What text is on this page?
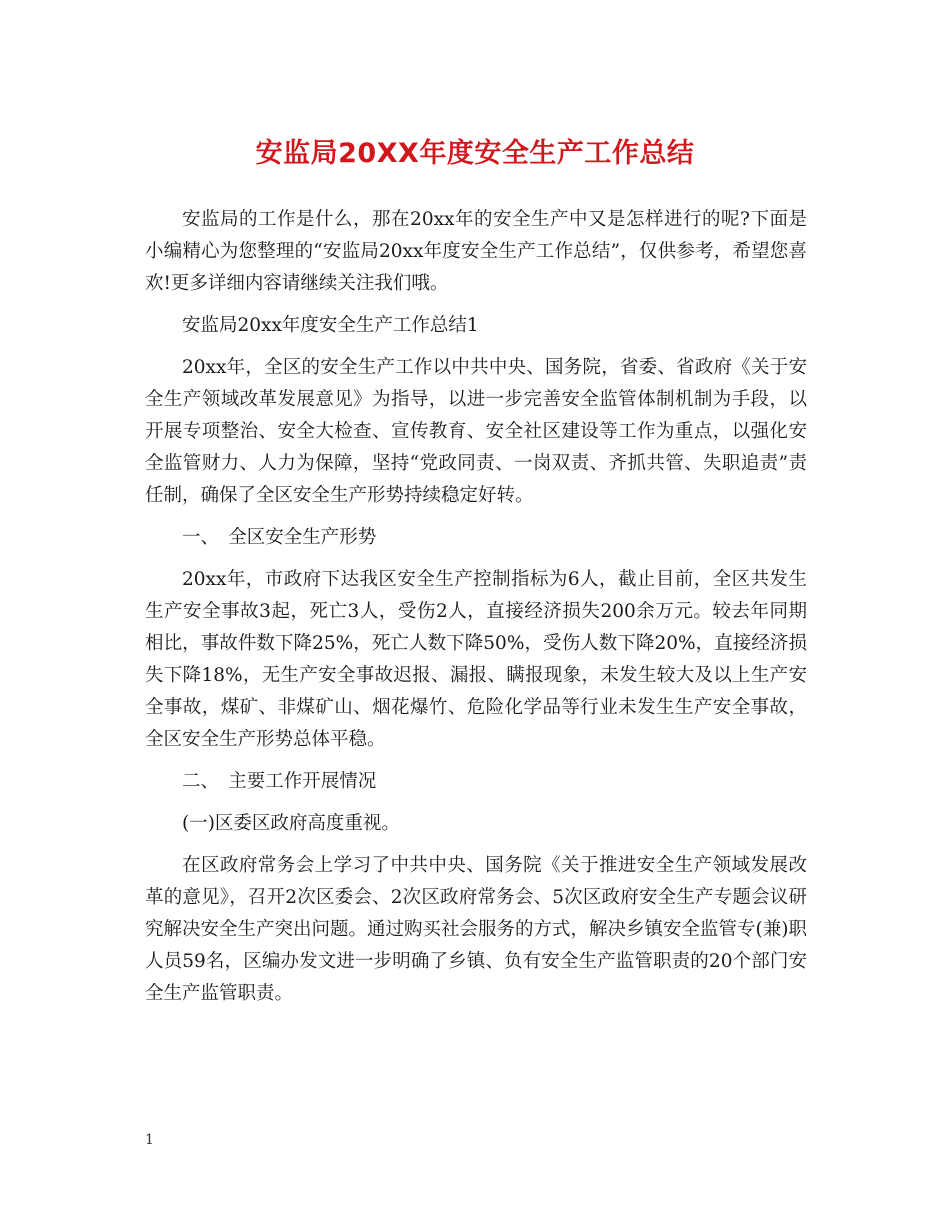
安监局20XX年度安全生产工作总结

安监局的工作是什么，那在20xx年的安全生产中又是怎样进行的呢?下面是小编精心为您整理的“安监局20xx年度安全生产工作总结”，仅供参考，希望您喜欢!更多详细内容请继续关注我们哦。

安监局20xx年度安全生产工作总结1

20xx年，全区的安全生产工作以中共中央、国务院，省委、省政府《关于安全生产领域改革发展意见》为指导，以进一步完善安全监管体制机制为手段，以开展专项整治、安全大检查、宣传教育、安全社区建设等工作为重点，以强化安全监管财力、人力为保障，坚持“党政同责、一岗双责、齐抓共管、失职追责”责任制，确保了全区安全生产形势持续稳定好转。

一、　全区安全生产形势

20xx年，市政府下达我区安全生产控制指标为6人，截止目前，全区共发生生产安全事故3起，死亡3人，受伤2人，直接经济损失200余万元。较去年同期相比，事故件数下降25%，死亡人数下降50%，受伤人数下降20%，直接经济损失下降18%，无生产安全事故迟报、漏报、瞒报现象，未发生较大及以上生产安全事故，煤矿、非煤矿山、烟花爆竹、危险化学品等行业未发生生产安全事故，全区安全生产形势总体平稳。

二、　主要工作开展情况

(一)区委区政府高度重视。

在区政府常务会上学习了中共中央、国务院《关于推进安全生产领域发展改革的意见》，召开2次区委会、2次区政府常务会、5次区政府安全生产专题会议研究解决安全生产突出问题。通过购买社会服务的方式，解决乡镇安全监管专(兼)职人员59名，区编办发文进一步明确了乡镇、负有安全生产监管职责的20个部门安全生产监管职责。

1
